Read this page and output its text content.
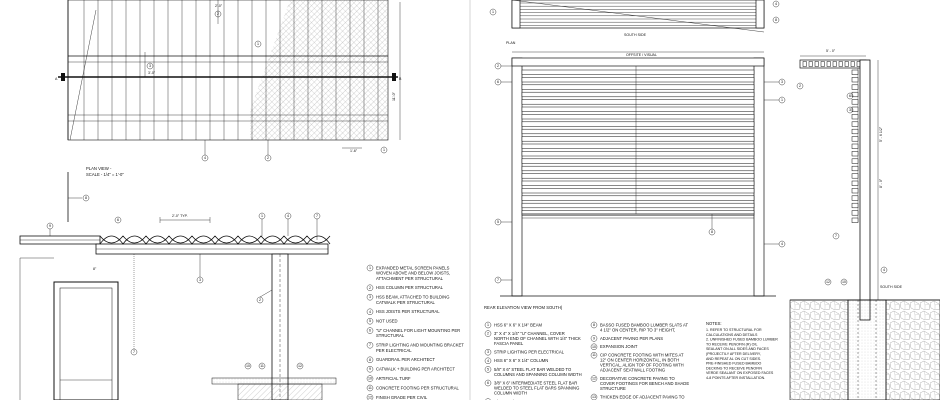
A	B
2'-0"
3'-0"
11'-0"
1'-6"
2
1
3
4	2
1
PLAN VIEW -
SCALE - 1/4" = 1'-0"
8
9
2'-0" TYP.
6
1	4	7
8"
3
2
7
10	11	12
1 EXPANDED METAL SCREEN PANELS
WOVEN ABOVE AND BELOW JOISTS,
ATTACHMENT PER STRUCTURAL
2 HSS COLUMN PER STRUCTURAL
3 HSS BEAM, ATTACHED TO BUILDING
CATWALK PER STRUCTURAL
4 HSS JOISTS PER STRUCTURAL
5 NOT USED
6 "U" CHANNEL FOR LIGHT MOUNTING PER
STRUCTURAL
7 STRIP LIGHTING AND MOUNTING BRACKET
PER ELECTRICAL
8 GUARDRAIL PER ARCHITECT
9 CATWALK + BUILDING PER ARCHITECT
10 ARTIFICIAL TURF
11 CONCRETE FOOTING PER STRUCTURAL
12 FINISH GRADE PER CIVIL
SOUTH SIDE
PLAN
1
4
8
OFFSITE / VISUAL
REAR ELEVATION VIEW FROM SOUTH)
2
6
5
7
8
3
1
4
5' - 0"
5' - 6 1/2"
8' - 0"
SOUTH SIDE
2
6
3
7
4
12	10
1 HSS 6" X 6" X 1/4" BEAM
2 3" X 4" X 1/4" "U" CHANNEL, COVER
NORTH END OF CHANNEL WITH 1/4" THICK
FASCIA PANEL
3 STRIP LIGHTING PER ELECTRICAL
4 HSS 6" X 6" X 1/4" COLUMN
5 5/8" X 6" STEEL FLAT BAR WELDED TO
COLUMNS AND SPANNING COLUMN WIDTH
6 3/8" X 6" INTERMEDIATE STEEL FLAT BAR
WELDED TO STEEL FLAT BARS SPANNING
COLUMN WIDTH
8 BASSO FUSED BAMBOO LUMBER SLATS AT
4 1/2" ON CENTER, RIP TO 3" HEIGHT,
9 ADJACENT PAVING PER PLANS
10 EXPANSION JOINT
11 CIP CONCRETE FOOTING WITH MITES AT
12" ON CENTER HORIZONTAL, IN BOTH
VERTICAL, ALIGN TOP OF FOOTING WITH
ADJACENT SEATWALL FOOTING
12 DECORATIVE CONCRETE PAVING TO
COVER FOOTINGS FOR BENCH AND SHADE
STRUCTURE
13 THICKEN EDGE OF ADJACENT PAVING TO
NOTES:
1. REFER TO STRUCTURAL FOR
CALCULATIONS AND DETAILS
2. UNFINISHED FUSED BAMBOO LUMBER
TO RECEIVE PENOFIN (R) OIL
SEALANT ON ALL SIDES AND FACES
(PROJECTILY AFTER DELIVERY,
AND REPEAT AL ON CUT SIDES.
PRE-FINISHED FUSED BAMBOO
DECKING TO RECEIVE PENOFIN
VERDE SEALANT ON EXPOSED FACES
4-8 POINTS AFTER INSTALLATION.
